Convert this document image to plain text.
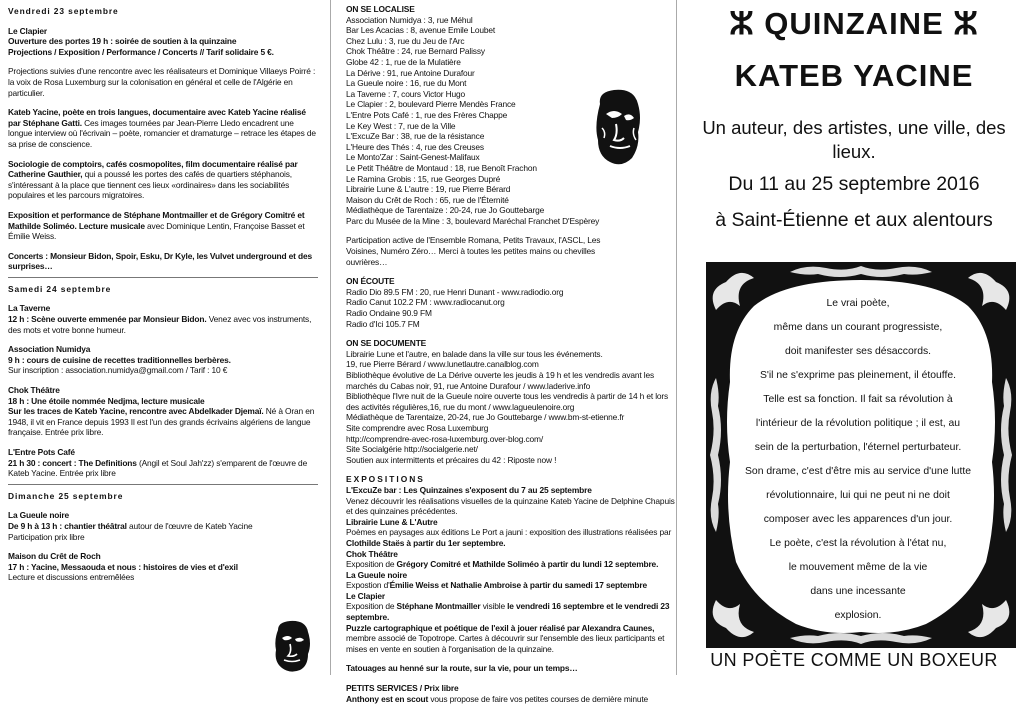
Vendredi 23 septembre
Le Clapier
Ouverture des portes 19 h : soirée de soutien à la quinzaine
Projections / Exposition / Performance / Concerts // Tarif solidaire 5 €.
Projections suivies d'une rencontre avec les réalisateurs et Dominique Villaeys Poirré : la voix de Rosa Luxemburg sur la colonisation en général et celle de l'Algérie en particulier.
Kateb Yacine, poète en trois langues, documentaire avec Kateb Yacine réalisé par Stéphane Gatti. Ces images tournées par Jean-Pierre Lledo encadrent une longue interview où l'écrivain – poète, romancier et dramaturge – retrace les étapes de sa prise de conscience.
Sociologie de comptoirs, cafés cosmopolites, film documentaire réalisé par Catherine Gauthier, qui a poussé les portes des cafés de quartiers stéphanois, s'intéressant à la place que tiennent ces lieux «ordinaires» dans les sociabilités populaires et les parcours migratoires.
Exposition et performance de Stéphane Montmailler et de Grégory Comitré et Mathilde Soliméo. Lecture musicale avec Dominique Lentin, Françoise Basset et Émilie Weiss.
Concerts : Monsieur Bidon, Spoir, Esku, Dr Kyle, les Vulvet underground et des surprises…
Samedi 24 septembre
La Taverne
12 h : Scène ouverte emmenée par Monsieur Bidon. Venez avec vos instruments, des mots et votre bonne humeur.
Association Numidya
9 h : cours de cuisine de recettes traditionnelles berbères.
Sur inscription : association.numidya@gmail.com / Tarif : 10 €
Chok Théâtre
18 h : Une étoile nommée Nedjma, lecture musicale
Sur les traces de Kateb Yacine, rencontre avec Abdelkader Djemaï. Né à Oran en 1948, il vit en France depuis 1993 Il est l'un des grands écrivains algériens de langue française. Entrée prix libre.
L'Entre Pots Café
21 h 30 : concert : The Definitions (Angil et Soul Jah'zz) s'emparent de l'œuvre de Kateb Yacine. Entrée prix libre
Dimanche 25 septembre
La Gueule noire
De 9 h à 13 h : chantier théâtral autour de l'œuvre de Kateb Yacine
Participation prix libre
Maison du Crêt de Roch
17 h : Yacine, Messaouda et nous : histoires de vies et d'exil
Lecture et discussions entremêlées
ON SE LOCALISE
Association Numidya : 3, rue Méhul
Bar Les Acacias : 8, avenue Emile Loubet
Chez Lulu : 3, rue du Jeu de l'Arc
Chok Théâtre : 24, rue Bernard Palissy
Globe 42 : 1, rue de la Mulatière
La Dérive : 91, rue Antoine Durafour
La Gueule noire : 16, rue du Mont
La Taverne : 7, cours Victor Hugo
Le Clapier : 2, boulevard Pierre Mendès France
L'Entre Pots Café : 1, rue des Frères Chappe
Le Key West : 7, rue de la Ville
L'ExcuZe Bar : 38, rue de la résistance
L'Heure des Thés : 4, rue des Creuses
Le Monto'Zar : Saint-Genest-Malifaux
Le Petit Théâtre de Montaud : 18, rue Benoît Frachon
Le Ramina Grobis : 15, rue Georges Dupré
Librairie Lune & L'autre : 19, rue Pierre Bérard
Maison du Crêt de Roch : 65, rue de l'Éternité
Médiathèque de Tarentaize : 20-24, rue Jo Gouttebarge
Parc du Musée de la Mine : 3, boulevard Maréchal Franchet D'Espèrey
Participation active de l'Ensemble Romana, Petits Travaux, l'ASCL, Les Voisines, Numéro Zéro… Merci à toutes les petites mains ou chevilles ouvrières…
ON ÉCOUTE
Radio Dio 89.5 FM : 20, rue Henri Dunant - www.radiodio.org
Radio Canut 102.2 FM : www.radiocanut.org
Radio Ondaine 90.9 FM
Radio d'Ici 105.7 FM
ON SE DOCUMENTE
Librairie Lune et l'autre, en balade dans la ville sur tous les événements.
19, rue Pierre Bérard / www.lunetlautre.canalblog.com
Bibliothèque évolutive de La Dérive ouverte les jeudis à 19 h et les vendredis avant les marchés du Cabas noir, 91, rue Antoine Durafour / www.laderive.info
Bibliothèque l'Ivre nuit de la Gueule noire ouverte tous les vendredis à partir de 14 h et lors des activités régulières,16, rue du mont / www.lagueulenoire.org
Médiathèque de Tarentaize, 20-24, rue Jo Gouttebarge / www.bm-st-etienne.fr
Site comprendre avec Rosa Luxemburg
http://comprendre-avec-rosa-luxemburg.over-blog.com/
Site Socialgérie http://socialgerie.net/
Soutien aux intermittents et précaires du 42 : Riposte now !
E X P O S I T I O N S
L'ExcuZe bar : Les Quinzaines s'exposent du 7 au 25 septembre
Venez découvrir les réalisations visuelles de la quinzaine Kateb Yacine de Delphine Chapuis et des quinzaines précédentes.
Librairie Lune & L'Autre
Poèmes en paysages aux éditions Le Port a jauni : exposition des illustrations réalisées par Clothilde Staës à partir du 1er septembre.
Chok Théâtre
Exposition de Grégory Comitré et Mathilde Soliméo à partir du lundi 12 septembre.
La Gueule noire
Expostion d'Émilie Weiss et Nathalie Ambroise à partir du samedi 17 septembre
Le Clapier
Exposition de Stéphane Montmailler visible le vendredi 16 septembre et le vendredi 23 septembre.
Puzzle cartographique et poétique de l'exil à jouer réalisé par Alexandra Caunes, membre associé de Topotrope. Cartes à découvrir sur l'ensemble des lieux participants et mises en vente en soutien à l'organisation de la quinzaine.
Tatouages au henné sur la route, sur la vie, pour un temps…
PETITS SERVICES / Prix libre
Anthony est en scout vous propose de faire vos petites courses de dernière minute
ⵣ QUINZAINE ⵣ
KATEB YACINE
Un auteur, des artistes, une ville, des lieux.
Du 11 au 25 septembre 2016
à Saint-Étienne et aux alentours
Le vrai poète,
même dans un courant progressiste,
doit manifester ses désaccords.
S'il ne s'exprime pas pleinement, il étouffe.
Telle est sa fonction. Il fait sa révolution à
l'intérieur de la révolution politique ; il est, au
sein de la perturbation, l'éternel perturbateur.
Son drame, c'est d'être mis au service d'une lutte
révolutionnaire, lui qui ne peut ni ne doit
composer avec les apparences d'un jour.
Le poète, c'est la révolution à l'état nu,
le mouvement même de la vie
dans une incessante
explosion.
UN POÈTE COMME UN BOXEUR
